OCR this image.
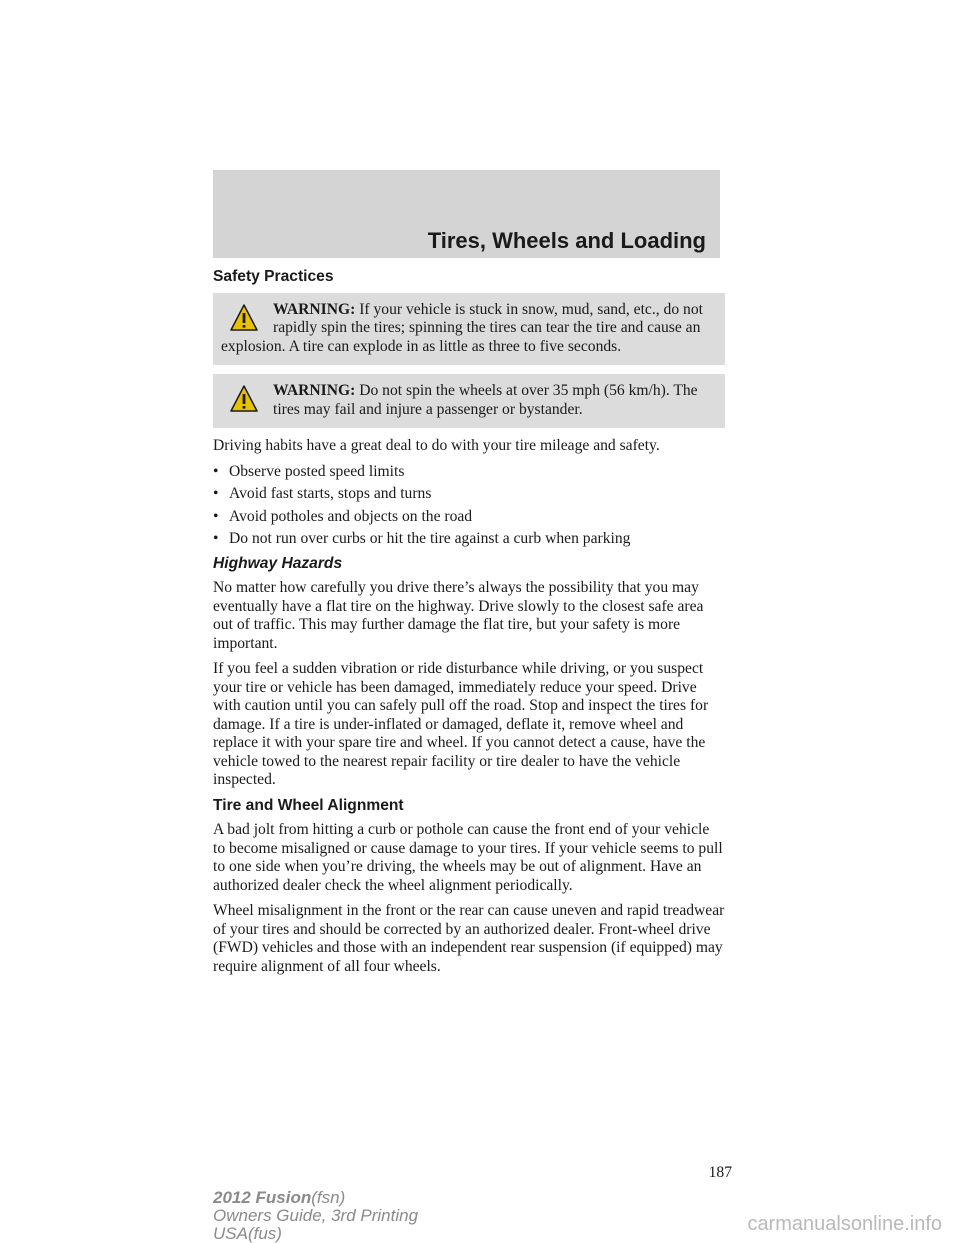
Tires, Wheels and Loading
Safety Practices
WARNING: If your vehicle is stuck in snow, mud, sand, etc., do not rapidly spin the tires; spinning the tires can tear the tire and cause an explosion. A tire can explode in as little as three to five seconds.
WARNING: Do not spin the wheels at over 35 mph (56 km/h). The tires may fail and injure a passenger or bystander.

Driving habits have a great deal to do with your tire mileage and safety.

• Observe posted speed limits
• Avoid fast starts, stops and turns
• Avoid potholes and objects on the road
• Do not run over curbs or hit the tire against a curb when parking
Highway Hazards

No matter how carefully you drive there’s always the possibility that you may eventually have a flat tire on the highway. Drive slowly to the closest safe area out of traffic. This may further damage the flat tire, but your safety is more important.

If you feel a sudden vibration or ride disturbance while driving, or you suspect your tire or vehicle has been damaged, immediately reduce your speed. Drive with caution until you can safely pull off the road. Stop and inspect the tires for damage. If a tire is under-inflated or damaged, deflate it, remove wheel and replace it with your spare tire and wheel. If you cannot detect a cause, have the vehicle towed to the nearest repair facility or tire dealer to have the vehicle inspected.

Tire and Wheel Alignment

A bad jolt from hitting a curb or pothole can cause the front end of your vehicle to become misaligned or cause damage to your tires. If your vehicle seems to pull to one side when you’re driving, the wheels may be out of alignment. Have an authorized dealer check the wheel alignment periodically.

Wheel misalignment in the front or the rear can cause uneven and rapid treadwear of your tires and should be corrected by an authorized dealer. Front-wheel drive (FWD) vehicles and those with an independent rear suspension (if equipped) may require alignment of all four wheels.

187
2012 Fusion(fsn)
Owners Guide, 3rd Printing
USA(fus)	carmanualsonline.info
